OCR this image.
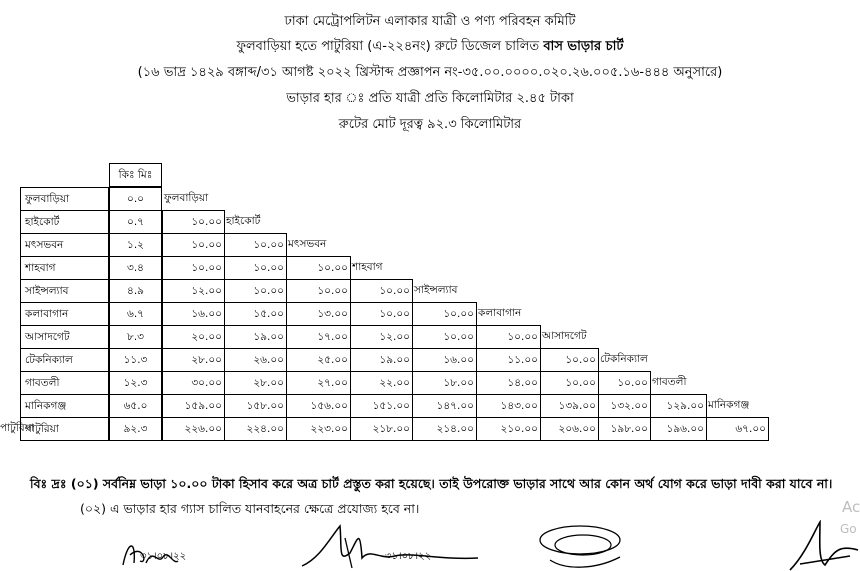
ঢাকা মেট্রোপলিটন এলাকার যাত্রী ও পণ্য পরিবহন কমিটি
ফুলবাড়িয়া হতে পাটুরিয়া (এ-২২৪নং) রুটে ডিজেল চালিত বাস ভাড়ার চার্ট
(১৬ ভাদ্র ১৪২৯ বঙ্গাব্দ/৩১ আগষ্ট ২০২২ খ্রিস্টাব্দ প্রজ্ঞাপন নং-৩৫.০০.০০০০.০২০.২৬.০০৫.১৬-৪৪৪ অনুসারে)
ভাড়ার হার ঃ প্রতি যাত্রী প্রতি কিলোমিটার ২.৪৫ টাকা
রুটের মোট দূরত্ব ৯২.৩ কিলোমিটার
কিঃ মিঃ
ফুলবাড়িয়া	০.০	ফুলবাড়িয়া
হাইকোর্ট	০.৭	১০.০০ হাইকোর্ট
মৎসভবন	১.২	১০.০০	১০.০০ মৎসভবন
শাহবাগ	৩.৪	১০.০০	১০.০০	১০.০০ শাহবাগ
সাইন্সল্যাব	৪.৯	১২.০০	১০.০০	১০.০০	১০.০০ সাইন্সল্যাব
কলাবাগান	৬.৭	১৬.০০	১৫.০০	১৩.০০	১০.০০	১০.০০ কলাবাগান
আসাদগেট	৮.৩	২০.০০	১৯.০০	১৭.০০	১২.০০	১০.০০	১০.০০ আসাদগেট
টেকনিক্যাল	১১.৩	২৮.০০	২৬.০০	২৫.০০	১৯.০০	১৬.০০	১১.০০	১০.০০ টেকনিক্যাল
গাবতলী	১২.৩	৩০.০০	২৮.০০	২৭.০০	২২.০০	১৮.০০	১৪.০০	১০.০০	১০.০০ গাবতলী
মানিকগঞ্জ	৬৫.০	১৫৯.০০	১৫৮.০০	১৫৬.০০	১৫১.০০	১৪৭.০০	১৪৩.০০	১৩৯.০০	১৩২.০০	১২৯.০০ মানিকগঞ্জ
পাটুরিয়া	৯২.৩	২২৬.০০	২২৪.০০	২২৩.০০	২১৮.০০	২১৪.০০	২১০.০০	২০৬.০০	১৯৮.০০	১৯৬.০০	৬৭.০০
পাটুরিয়া
বিঃ দ্রঃ (০১) সর্বনিম্ন ভাড়া ১০.০০ টাকা হিসাব করে অত্র চার্ট প্রস্তুত করা হয়েছে। তাই উপরোক্ত ভাড়ার সাথে আর কোন অর্থ যোগ করে ভাড়া দাবী করা যাবে না।
(০২) এ ভাড়ার হার গ্যাস চালিত যানবাহনের ক্ষেত্রে প্রযোজ্য হবে না।
৩১।০৮।২২	৩১।০৮।২২
Ac
Go
